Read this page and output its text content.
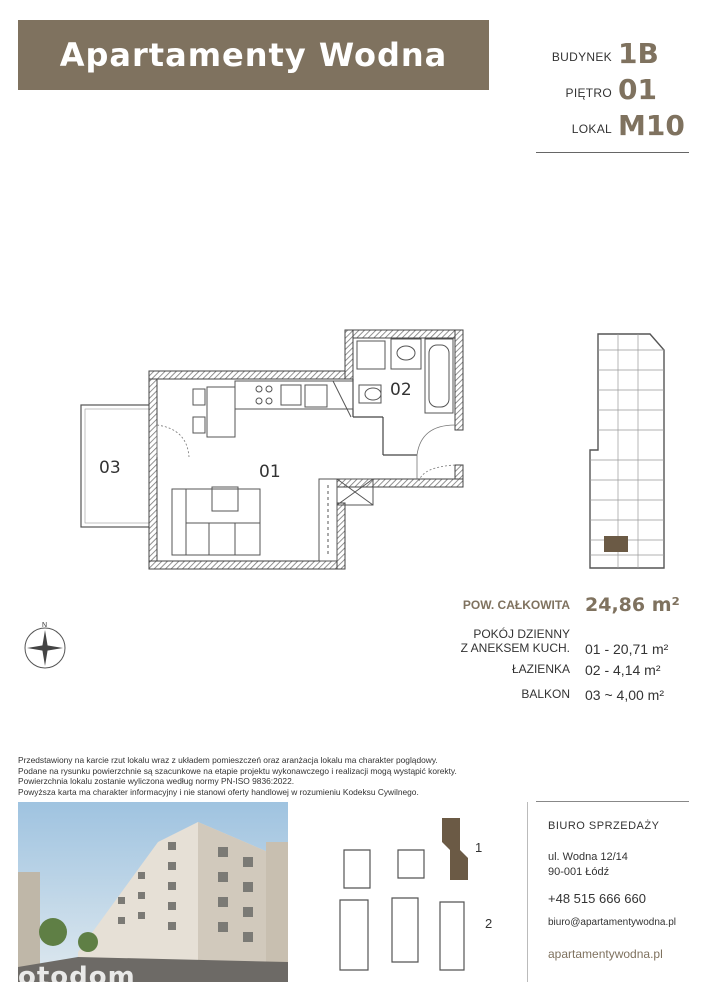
Apartamenty Wodna	BUDYNEK 1B
PIĘTRO 01
LOKAL M10
03	01
02
N
POW. CAŁKOWITA 24,86 m²
POKÓJ DZIENNY
Z ANEKSEM KUCH. 01 - 20,71 m²
ŁAZIENKA 02 - 4,14 m²
BALKON 03 ~ 4,00 m²
Przedstawiony na karcie rzut lokalu wraz z układem pomieszczeń oraz aranżacja lokalu ma charakter poglądowy.
Podane na rysunku powierzchnie są szacunkowe na etapie projektu wykonawczego i realizacji mogą wystąpić korekty.
Powierzchnia lokalu zostanie wyliczona według normy PN-ISO 9836:2022.
Powyższa karta ma charakter informacyjny i nie stanowi oferty handlowej w rozumieniu Kodeksu Cywilnego.
otodom
1
2
BIURO SPRZEDAŻY
ul. Wodna 12/14
90-001 Łódź
+48 515 666 660
biuro@apartamentywodna.pl
apartamentywodna.pl
